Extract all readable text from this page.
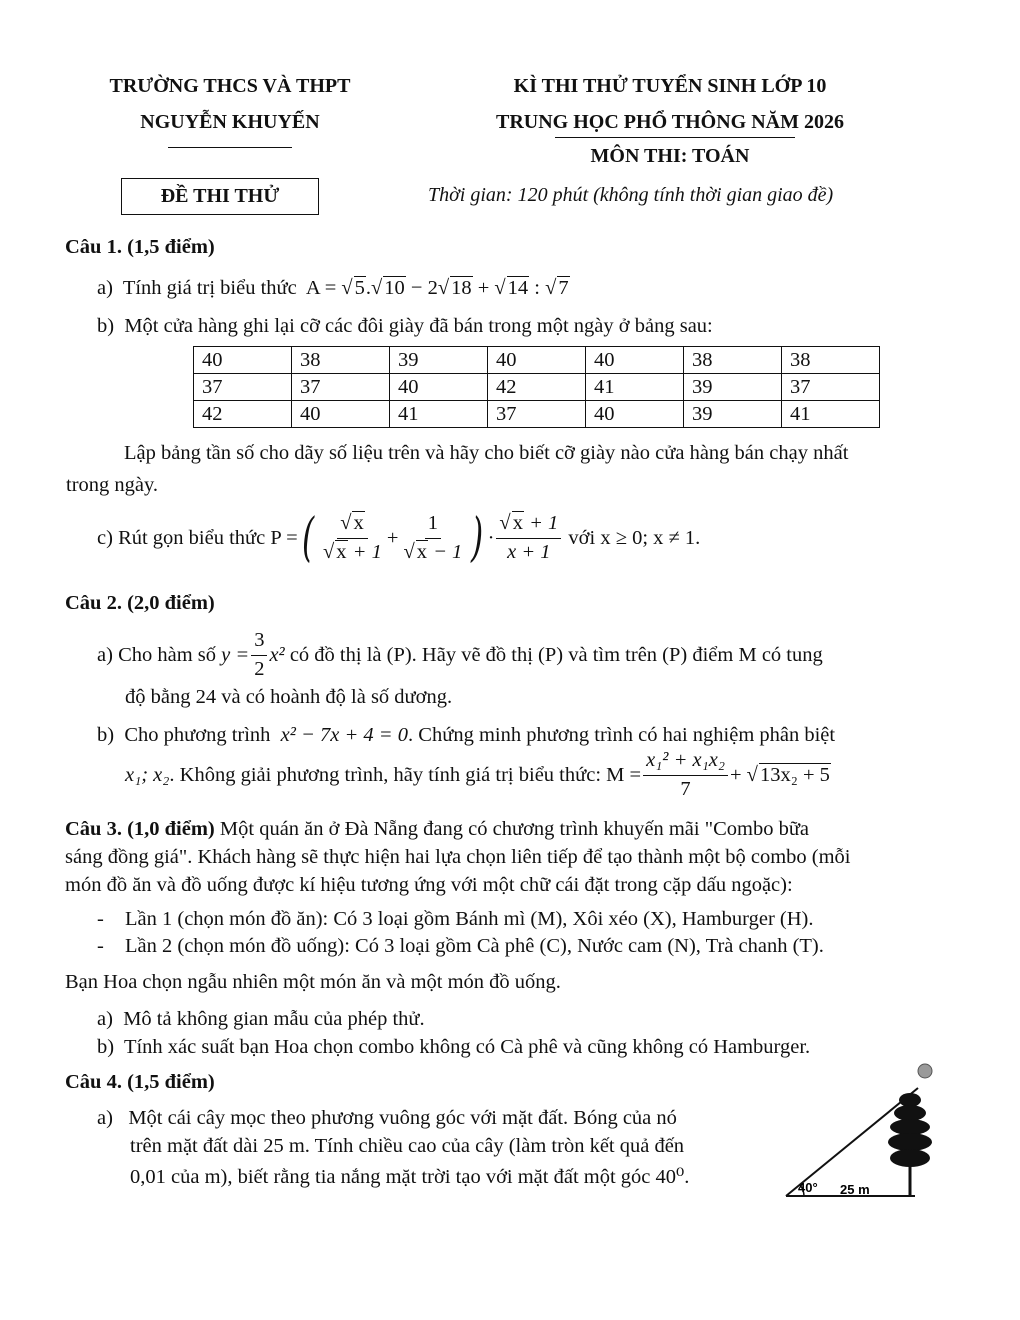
TRƯỜNG THCS VÀ THPT
NGUYỄN KHUYẾN
ĐỀ THI THỬ
KÌ THI THỬ TUYỂN SINH LỚP 10
TRUNG HỌC PHỔ THÔNG NĂM 2026
MÔN THI: TOÁN
Thời gian: 120 phút (không tính thời gian giao đề)
Câu 1. (1,5 điểm)
a) Tính giá trị biểu thức A = √5.√10 − 2√18 + √14 : √7
b) Một cửa hàng ghi lại cỡ các đôi giày đã bán trong một ngày ở bảng sau:
40	38	39	40	40	38	38
37	37	40	42	41	39	37
42	40	41	37	40	39	41
Lập bảng tần số cho dãy số liệu trên và hãy cho biết cỡ giày nào cửa hàng bán chạy nhất
trong ngày.
c)
Rút gọn biểu thức
P = ( $\frac{√x}{√x + 1} + \frac{1}{√x - 1}$ ) · $\frac{√x + 1}{x + 1}$
với x ≥ 0; x ≠ 1.
Câu 2. (2,0 điểm)
a)
Cho hàm số
$y = \frac{3}{2} x^2$
có đồ thị là (P). Hãy vẽ đồ thị (P) và tìm trên (P) điểm M có tung
độ bằng 24 và có hoành độ là số dương.
b) Cho phương trình x² − 7x + 4 = 0. Chứng minh phương trình có hai nghiệm phân biệt
x₁; x₂ . Không giải phương trình, hãy tính giá trị biểu thức:
$M = \frac{\text{x₁² + x₁x₂}}{7}$ + √ 13x₂ + 5
Câu 3. (1,0 điểm) Một quán ăn ở Đà Nẵng đang có chương trình khuyến mãi "Combo bữa
sáng đồng giá". Khách hàng sẽ thực hiện hai lựa chọn liên tiếp để tạo thành một bộ combo (mỗi
món đồ ăn và đồ uống được kí hiệu tương ứng với một chữ cái đặt trong cặp dấu ngoặc):
- Lần 1 (chọn món đồ ăn): Có 3 loại gồm Bánh mì (M), Xôi xéo (X), Hamburger (H).
- Lần 2 (chọn món đồ uống): Có 3 loại gồm Cà phê (C), Nước cam (N), Trà chanh (T).
Bạn Hoa chọn ngẫu nhiên một món ăn và một món đồ uống.
a) Mô tả không gian mẫu của phép thử.
b) Tính xác suất bạn Hoa chọn combo không có Cà phê và cũng không có Hamburger.
Câu 4. (1,5 điểm)
a) Một cái cây mọc theo phương vuông góc với mặt đất. Bóng của nó
trên mặt đất dài 25 m. Tính chiều cao của cây (làm tròn kết quả đến
0,01 của m), biết rằng tia nắng mặt trời tạo với mặt đất một góc 40⁰.	40° 25 m
